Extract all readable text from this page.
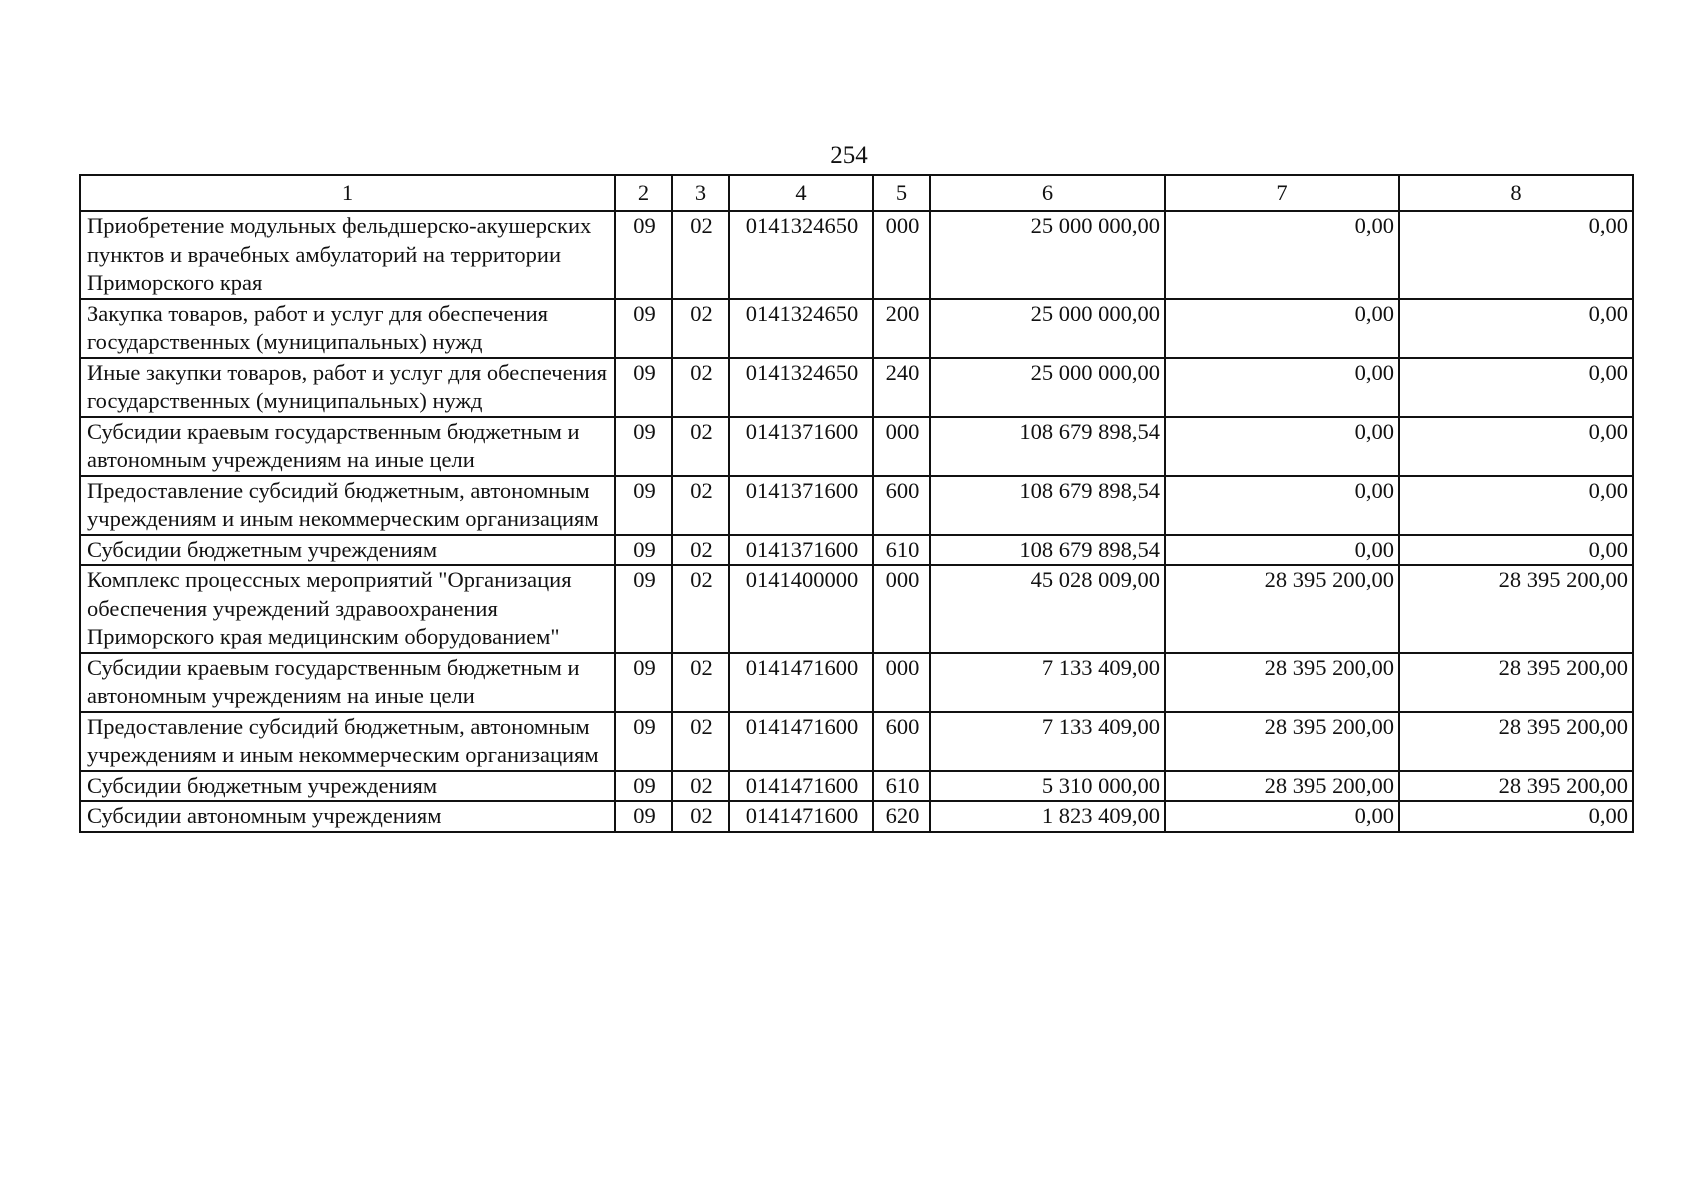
254
1	2	3	4	5	6	7	8
Приобретение модульных фельдшерско-акушерских пунктов и врачебных амбулаторий на территории Приморского края	09	02	0141324650	000	25 000 000,00	0,00	0,00
Закупка товаров, работ и услуг для обеспечения государственных (муниципальных) нужд	09	02	0141324650	200	25 000 000,00	0,00	0,00
Иные закупки товаров, работ и услуг для обеспечения государственных (муниципальных) нужд	09	02	0141324650	240	25 000 000,00	0,00	0,00
Субсидии краевым государственным бюджетным и автономным учреждениям на иные цели	09	02	0141371600	000	108 679 898,54	0,00	0,00
Предоставление субсидий бюджетным, автономным учреждениям и иным некоммерческим организациям	09	02	0141371600	600	108 679 898,54	0,00	0,00
Субсидии бюджетным учреждениям	09	02	0141371600	610	108 679 898,54	0,00	0,00
Комплекс процессных мероприятий "Организация обеспечения учреждений здравоохранения Приморского края медицинским оборудованием"	09	02	0141400000	000	45 028 009,00	28 395 200,00	28 395 200,00
Субсидии краевым государственным бюджетным и автономным учреждениям на иные цели	09	02	0141471600	000	7 133 409,00	28 395 200,00	28 395 200,00
Предоставление субсидий бюджетным, автономным учреждениям и иным некоммерческим организациям	09	02	0141471600	600	7 133 409,00	28 395 200,00	28 395 200,00
Субсидии бюджетным учреждениям	09	02	0141471600	610	5 310 000,00	28 395 200,00	28 395 200,00
Субсидии автономным учреждениям	09	02	0141471600	620	1 823 409,00	0,00	0,00
